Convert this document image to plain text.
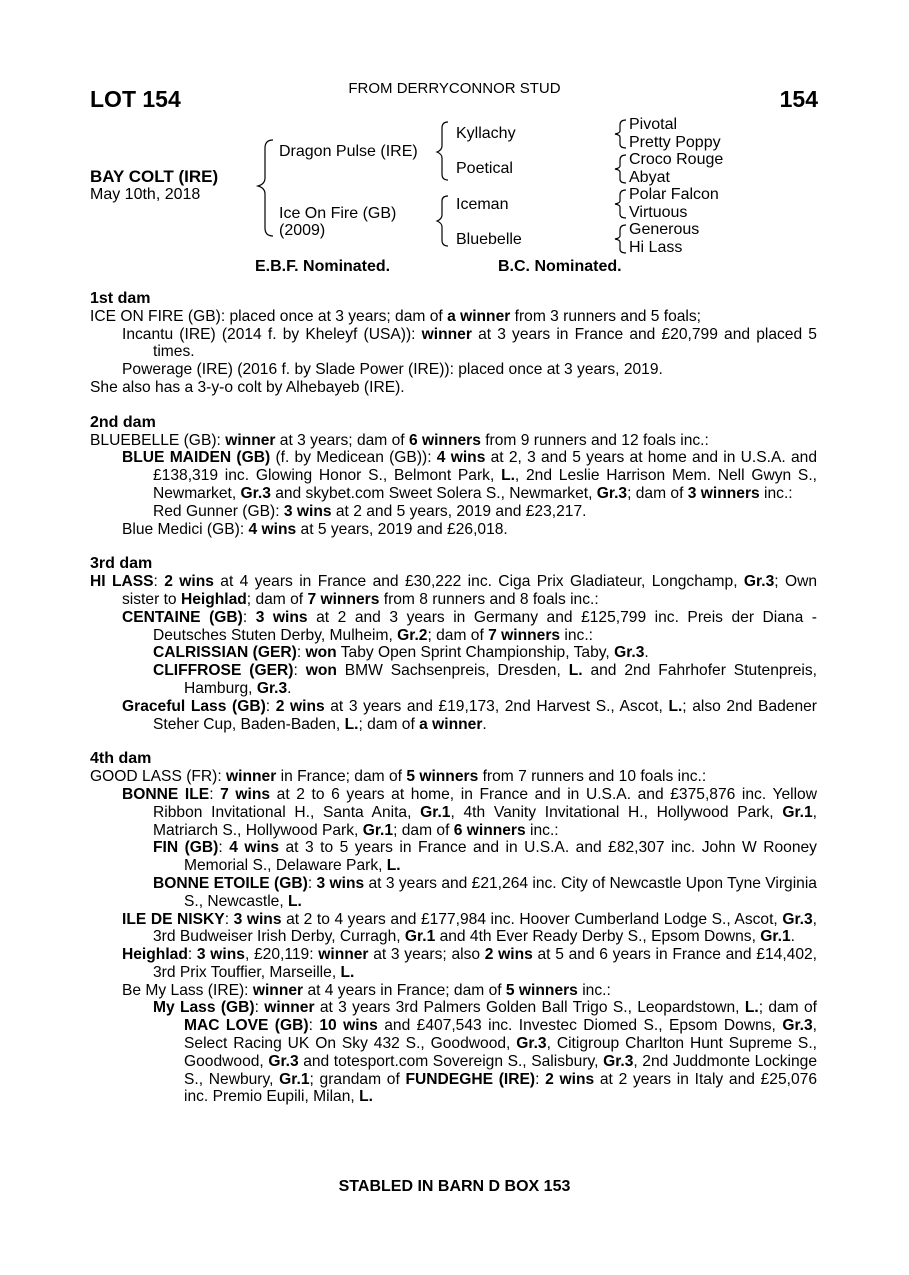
LOT 154	FROM DERRYCONNOR STUD	154
BAY COLT (IRE)
May 10th, 2018
Dragon Pulse (IRE)
Ice On Fire (GB)
(2009)
Kyllachy
Poetical
Iceman
Bluebelle
Pivotal
Pretty Poppy
Croco Rouge
Abyat
Polar Falcon
Virtuous
Generous
Hi Lass
E.B.F. Nominated.	B.C. Nominated.
1st dam
ICE ON FIRE (GB): placed once at 3 years; dam of a winner from 3 runners and 5 foals;
Incantu (IRE) (2014 f. by Kheleyf (USA)): winner at 3 years in France and £20,799 and placed 5 times.
Powerage (IRE) (2016 f. by Slade Power (IRE)): placed once at 3 years, 2019.
She also has a 3-y-o colt by Alhebayeb (IRE).
2nd dam
BLUEBELLE (GB): winner at 3 years; dam of 6 winners from 9 runners and 12 foals inc.:
BLUE MAIDEN (GB) (f. by Medicean (GB)): 4 wins at 2, 3 and 5 years at home and in U.S.A. and £138,319 inc. Glowing Honor S., Belmont Park, L., 2nd Leslie Harrison Mem. Nell Gwyn S., Newmarket, Gr.3 and skybet.com Sweet Solera S., Newmarket, Gr.3; dam of 3 winners inc.:
Red Gunner (GB): 3 wins at 2 and 5 years, 2019 and £23,217.
Blue Medici (GB): 4 wins at 5 years, 2019 and £26,018.
3rd dam
HI LASS: 2 wins at 4 years in France and £30,222 inc. Ciga Prix Gladiateur, Longchamp, Gr.3; Own sister to Heighlad; dam of 7 winners from 8 runners and 8 foals inc.:
CENTAINE (GB): 3 wins at 2 and 3 years in Germany and £125,799 inc. Preis der Diana - Deutsches Stuten Derby, Mulheim, Gr.2; dam of 7 winners inc.:
CALRISSIAN (GER): won Taby Open Sprint Championship, Taby, Gr.3.
CLIFFROSE (GER): won BMW Sachsenpreis, Dresden, L. and 2nd Fahrhofer Stutenpreis, Hamburg, Gr.3.
Graceful Lass (GB): 2 wins at 3 years and £19,173, 2nd Harvest S., Ascot, L.; also 2nd Badener Steher Cup, Baden-Baden, L.; dam of a winner.
4th dam
GOOD LASS (FR): winner in France; dam of 5 winners from 7 runners and 10 foals inc.:
BONNE ILE: 7 wins at 2 to 6 years at home, in France and in U.S.A. and £375,876 inc. Yellow Ribbon Invitational H., Santa Anita, Gr.1, 4th Vanity Invitational H., Hollywood Park, Gr.1, Matriarch S., Hollywood Park, Gr.1; dam of 6 winners inc.:
FIN (GB): 4 wins at 3 to 5 years in France and in U.S.A. and £82,307 inc. John W Rooney Memorial S., Delaware Park, L.
BONNE ETOILE (GB): 3 wins at 3 years and £21,264 inc. City of Newcastle Upon Tyne Virginia S., Newcastle, L.
ILE DE NISKY: 3 wins at 2 to 4 years and £177,984 inc. Hoover Cumberland Lodge S., Ascot, Gr.3, 3rd Budweiser Irish Derby, Curragh, Gr.1 and 4th Ever Ready Derby S., Epsom Downs, Gr.1.
Heighlad: 3 wins, £20,119: winner at 3 years; also 2 wins at 5 and 6 years in France and £14,402, 3rd Prix Touffier, Marseille, L.
Be My Lass (IRE): winner at 4 years in France; dam of 5 winners inc.:
My Lass (GB): winner at 3 years 3rd Palmers Golden Ball Trigo S., Leopardstown, L.; dam of MAC LOVE (GB): 10 wins and £407,543 inc. Investec Diomed S., Epsom Downs, Gr.3, Select Racing UK On Sky 432 S., Goodwood, Gr.3, Citigroup Charlton Hunt Supreme S., Goodwood, Gr.3 and totesport.com Sovereign S., Salisbury, Gr.3, 2nd Juddmonte Lockinge S., Newbury, Gr.1; grandam of FUNDEGHE (IRE): 2 wins at 2 years in Italy and £25,076 inc. Premio Eupili, Milan, L.
STABLED IN BARN D BOX 153
